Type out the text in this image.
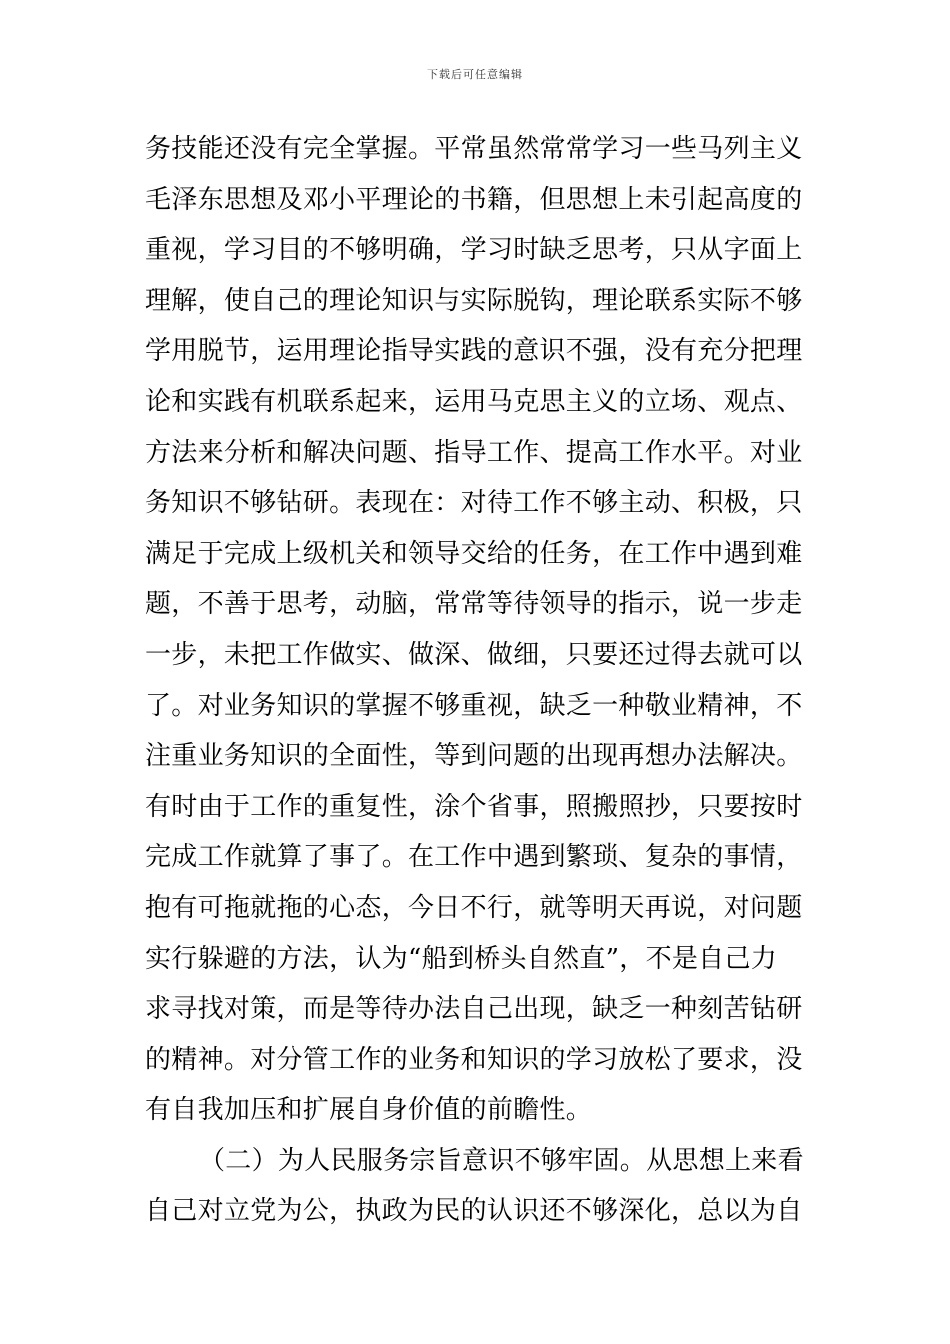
下载后可任意编辑
务技能还没有完全掌握。平常虽然常常学习一些马列主义
毛泽东思想及邓小平理论的书籍，但思想上未引起高度的
重视，学习目的不够明确，学习时缺乏思考，只从字面上
理解，使自己的理论知识与实际脱钩，理论联系实际不够
学用脱节，运用理论指导实践的意识不强，没有充分把理
论和实践有机联系起来，运用马克思主义的立场、观点、
方法来分析和解决问题、指导工作、提高工作水平。对业
务知识不够钻研。表现在：对待工作不够主动、积极，只
满足于完成上级机关和领导交给的任务，在工作中遇到难
题，不善于思考，动脑，常常等待领导的指示，说一步走
一步，未把工作做实、做深、做细，只要还过得去就可以
了。对业务知识的掌握不够重视，缺乏一种敬业精神，不
注重业务知识的全面性，等到问题的出现再想办法解决。
有时由于工作的重复性，涂个省事，照搬照抄，只要按时
完成工作就算了事了。在工作中遇到繁琐、复杂的事情，
抱有可拖就拖的心态，今日不行，就等明天再说，对问题
实行躲避的方法，认为“船到桥头自然直”，不是自己力
求寻找对策，而是等待办法自己出现，缺乏一种刻苦钻研
的精神。对分管工作的业务和知识的学习放松了要求，没
有自我加压和扩展自身价值的前瞻性。
（二）为人民服务宗旨意识不够牢固。从思想上来看
自己对立党为公，执政为民的认识还不够深化，总以为自
